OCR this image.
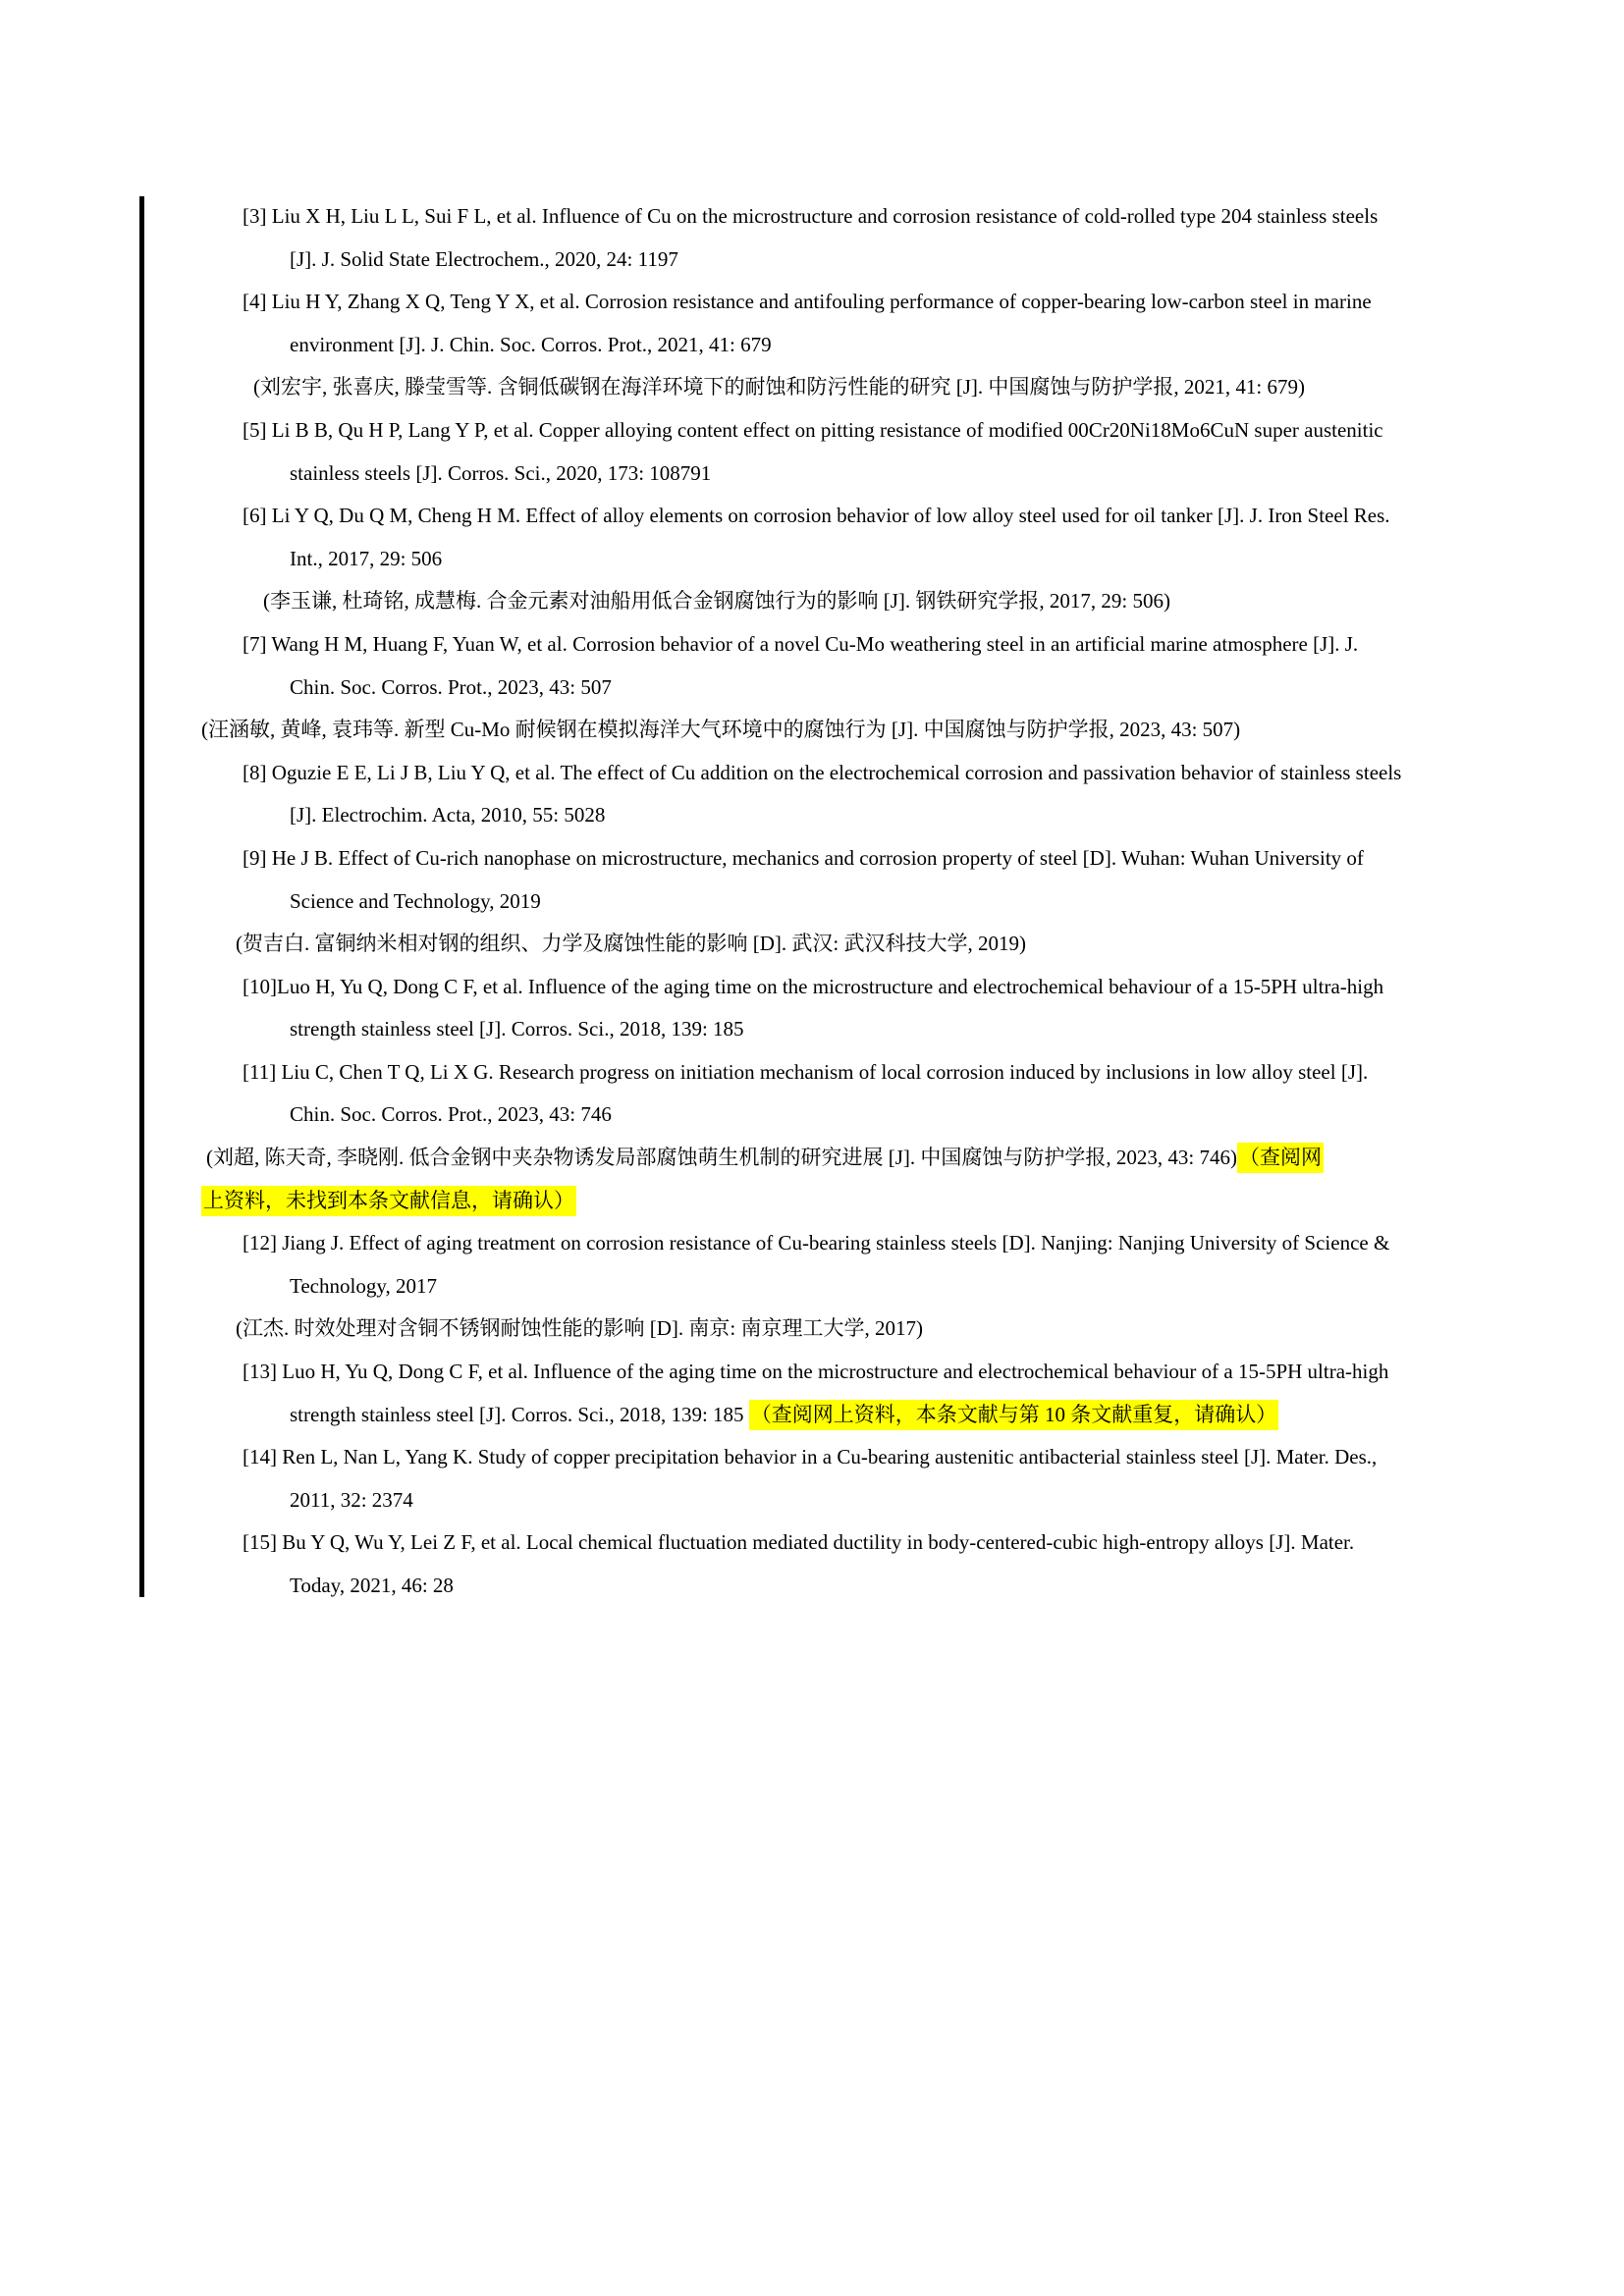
[3] Liu X H, Liu L L, Sui F L, et al. Influence of Cu on the microstructure and corrosion resistance of cold-rolled type 204 stainless steels
[J]. J. Solid State Electrochem., 2020, 24: 1197
[4] Liu H Y, Zhang X Q, Teng Y X, et al. Corrosion resistance and antifouling performance of copper-bearing low-carbon steel in marine
environment [J]. J. Chin. Soc. Corros. Prot., 2021, 41: 679
(刘宏宇, 张喜庆, 滕莹雪等. 含铜低碳钢在海洋环境下的耐蚀和防污性能的研究 [J]. 中国腐蚀与防护学报, 2021, 41: 679)
[5] Li B B, Qu H P, Lang Y P, et al. Copper alloying content effect on pitting resistance of modified 00Cr20Ni18Mo6CuN super austenitic
stainless steels [J]. Corros. Sci., 2020, 173: 108791
[6] Li Y Q, Du Q M, Cheng H M. Effect of alloy elements on corrosion behavior of low alloy steel used for oil tanker [J]. J. Iron Steel Res.
Int., 2017, 29: 506
(李玉谦, 杜琦铭, 成慧梅. 合金元素对油船用低合金钢腐蚀行为的影响 [J]. 钢铁研究学报, 2017, 29: 506)
[7] Wang H M, Huang F, Yuan W, et al. Corrosion behavior of a novel Cu-Mo weathering steel in an artificial marine atmosphere [J]. J.
Chin. Soc. Corros. Prot., 2023, 43: 507
(汪涵敏, 黄峰, 袁玮等. 新型 Cu-Mo 耐候钢在模拟海洋大气环境中的腐蚀行为 [J]. 中国腐蚀与防护学报, 2023, 43: 507)
[8] Oguzie E E, Li J B, Liu Y Q, et al. The effect of Cu addition on the electrochemical corrosion and passivation behavior of stainless steels
[J]. Electrochim. Acta, 2010, 55: 5028
[9] He J B. Effect of Cu-rich nanophase on microstructure, mechanics and corrosion property of steel [D]. Wuhan: Wuhan University of
Science and Technology, 2019
(贺吉白. 富铜纳米相对钢的组织、力学及腐蚀性能的影响 [D]. 武汉: 武汉科技大学, 2019)
[10]Luo H, Yu Q, Dong C F, et al. Influence of the aging time on the microstructure and electrochemical behaviour of a 15-5PH ultra-high
strength stainless steel [J]. Corros. Sci., 2018, 139: 185
[11] Liu C, Chen T Q, Li X G. Research progress on initiation mechanism of local corrosion induced by inclusions in low alloy steel [J].
Chin. Soc. Corros. Prot., 2023, 43: 746
(刘超, 陈天奇, 李晓刚. 低合金钢中夹杂物诱发局部腐蚀萌生机制的研究进展 [J]. 中国腐蚀与防护学报, 2023, 43: 746)（查阅网
上资料，未找到本条文献信息，请确认）
[12] Jiang J. Effect of aging treatment on corrosion resistance of Cu-bearing stainless steels [D]. Nanjing: Nanjing University of Science &
Technology, 2017
(江杰. 时效处理对含铜不锈钢耐蚀性能的影响 [D]. 南京: 南京理工大学, 2017)
[13] Luo H, Yu Q, Dong C F, et al. Influence of the aging time on the microstructure and electrochemical behaviour of a 15-5PH ultra-high
strength stainless steel [J]. Corros. Sci., 2018, 139: 185 （查阅网上资料，本条文献与第 10 条文献重复，请确认）
[14] Ren L, Nan L, Yang K. Study of copper precipitation behavior in a Cu-bearing austenitic antibacterial stainless steel [J]. Mater. Des.,
2011, 32: 2374
[15] Bu Y Q, Wu Y, Lei Z F, et al. Local chemical fluctuation mediated ductility in body-centered-cubic high-entropy alloys [J]. Mater.
Today, 2021, 46: 28
